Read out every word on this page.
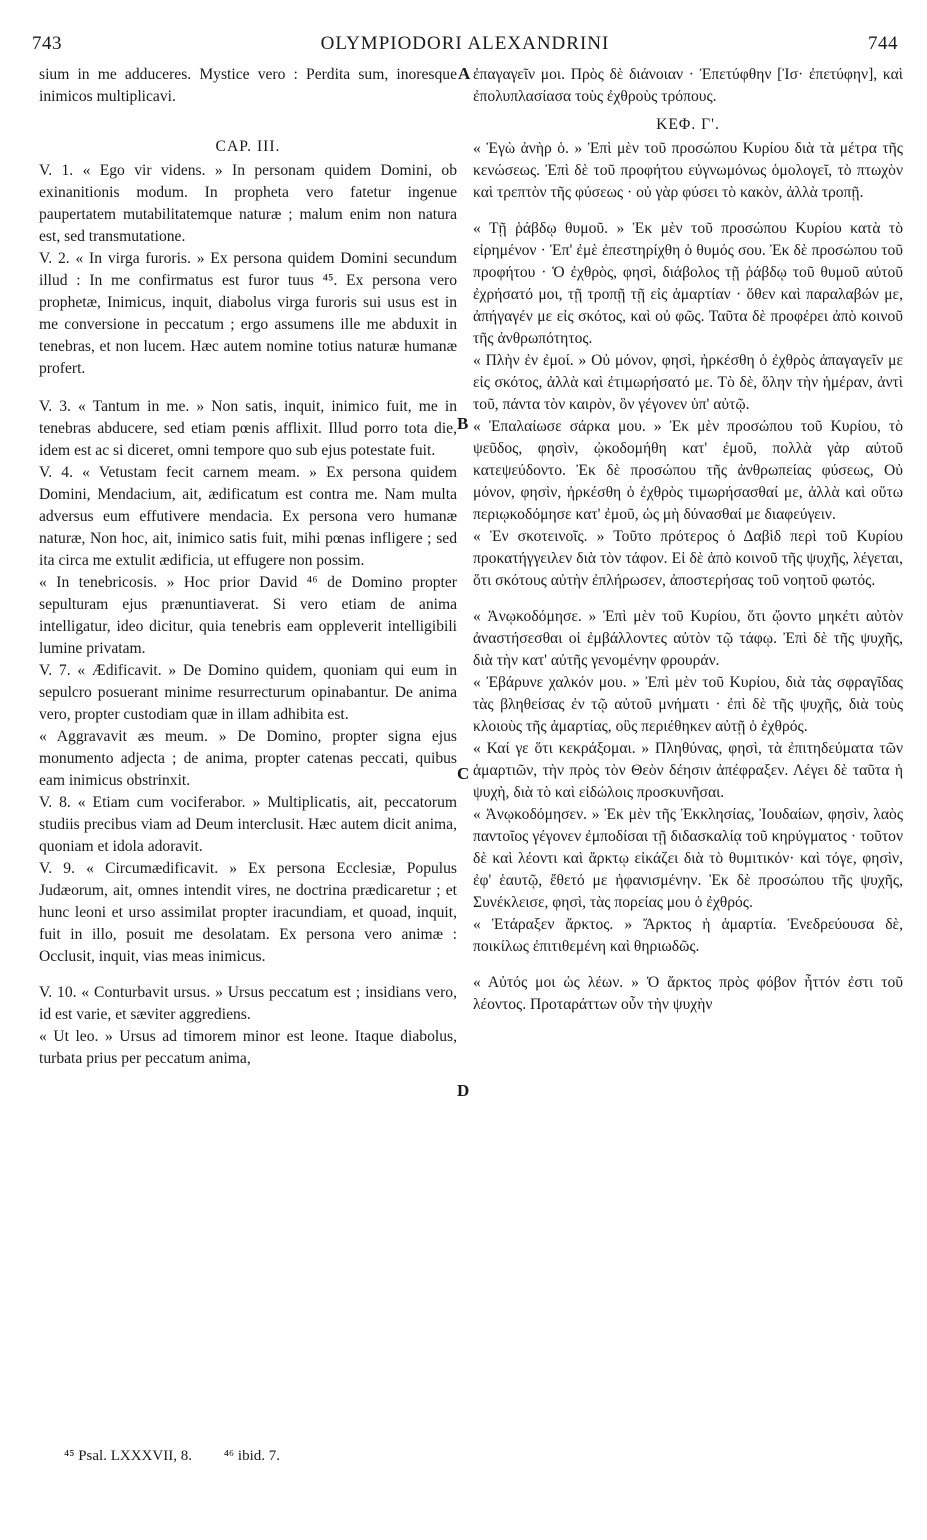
743	OLYMPIODORI ALEXANDRINI	744
A
B
C
D

sium in me adduceres. Mystice vero : Perdita sum, inoresque inimicos multiplicavi.

CAP. III.

V. 1. « Ego vir videns. » In personam quidem Domini, ob exinanitionis modum. In propheta vero fatetur ingenue paupertatem mutabilitatemque naturæ ; malum enim non natura est, sed transmutatione.

V. 2. « In virga furoris. » Ex persona quidem Domini secundum illud : In me confirmatus est furor tuus ⁴⁵. Ex persona vero prophetæ, Inimicus, inquit, diabolus virga furoris sui usus est in me conversione in peccatum ; ergo assumens ille me abduxit in tenebras, et non lucem. Hæc autem nomine totius naturæ humanæ profert.

V. 3. « Tantum in me. » Non satis, inquit, inimico fuit, me in tenebras abducere, sed etiam pœnis afflixit. Illud porro tota die, idem est ac si diceret, omni tempore quo sub ejus potestate fuit.

V. 4. « Vetustam fecit carnem meam. » Ex persona quidem Domini, Mendacium, ait, ædificatum est contra me. Nam multa adversus eum effutivere mendacia. Ex persona vero humanæ naturæ, Non hoc, ait, inimico satis fuit, mihi pœnas infligere ; sed ita circa me extulit ædificia, ut effugere non possim.

« In tenebricosis. » Hoc prior David ⁴⁶ de Domino propter sepulturam ejus prænuntiaverat. Si vero etiam de anima intelligatur, ideo dicitur, quia tenebris eam oppleverit intelligibili lumine privatam.

V. 7. « Ædificavit. » De Domino quidem, quoniam qui eum in sepulcro posuerant minime resurrecturum opinabantur. De anima vero, propter custodiam quæ in illam adhibita est.

« Aggravavit æs meum. » De Domino, propter signa ejus monumento adjecta ; de anima, propter catenas peccati, quibus eam inimicus obstrinxit.

V. 8. « Etiam cum vociferabor. » Multiplicatis, ait, peccatorum studiis precibus viam ad Deum interclusit. Hæc autem dicit anima, quoniam et idola adoravit.

V. 9. « Circumædificavit. » Ex persona Ecclesiæ, Populus Judæorum, ait, omnes intendit vires, ne doctrina prædicaretur ; et hunc leoni et urso assimilat propter iracundiam, et quoad, inquit, fuit in illo, posuit me desolatam. Ex persona vero animæ : Occlusit, inquit, vias meas inimicus.

V. 10. « Conturbavit ursus. » Ursus peccatum est ; insidians vero, id est varie, et sæviter aggrediens.

« Ut leo. » Ursus ad timorem minor est leone. Itaque diabolus, turbata prius per peccatum anima,

ἐπαγαγεῖν μοι. Πρὸς δὲ διάνοιαν · Ἐπετύφθην [Ἰσ· ἐπετύφην], καὶ ἐπολυπλασίασα τοὺς ἐχθροὺς τρόπους.

ΚΕΦ. Γ'.

« Ἐγὼ ἀνὴρ ὁ. » Ἐπὶ μὲν τοῦ προσώπου Κυρίου διὰ τὰ μέτρα τῆς κενώσεως. Ἐπὶ δὲ τοῦ προφήτου εὐγνωμόνως ὁμολογεῖ, τὸ πτωχὸν καὶ τρεπτὸν τῆς φύσεως · οὐ γὰρ φύσει τὸ κακὸν, ἀλλὰ τροπῇ.

« Τῇ ῥάβδῳ θυμοῦ. » Ἐκ μὲν τοῦ προσώπου Κυρίου κατὰ τὸ εἰρημένον · Ἐπ' ἐμὲ ἐπεστηρίχθη ὁ θυμός σου. Ἐκ δὲ προσώπου τοῦ προφήτου · Ὁ ἐχθρὸς, φησὶ, διάβολος τῇ ῥάβδῳ τοῦ θυμοῦ αὐτοῦ ἐχρήσατό μοι, τῇ τροπῇ τῇ εἰς ἁμαρτίαν · ὅθεν καὶ παραλαβών με, ἀπήγαγέν με εἰς σκότος, καὶ οὐ φῶς. Ταῦτα δὲ προφέρει ἀπὸ κοινοῦ τῆς ἀνθρωπότητος.

« Πλὴν ἐν ἐμοί. » Οὐ μόνον, φησὶ, ἠρκέσθη ὁ ἐχθρὸς ἀπαγαγεῖν με εἰς σκότος, ἀλλὰ καὶ ἐτιμωρήσατό με. Τὸ δὲ, ὅλην τὴν ἡμέραν, ἀντὶ τοῦ, πάντα τὸν καιρὸν, ὃν γέγονεν ὑπ' αὐτῷ.

« Ἐπαλαίωσε σάρκα μου. » Ἐκ μὲν προσώπου τοῦ Κυρίου, τὸ ψεῦδος, φησὶν, ᾠκοδομήθη κατ' ἐμοῦ, πολλὰ γὰρ αὐτοῦ κατεψεύδοντο. Ἐκ δὲ προσώπου τῆς ἀνθρωπείας φύσεως, Οὐ μόνον, φησὶν, ἠρκέσθη ὁ ἐχθρὸς τιμωρήσασθαί με, ἀλλὰ καὶ οὕτω περιῳκοδόμησε κατ' ἐμοῦ, ὡς μὴ δύνασθαί με διαφεύγειν.

« Ἐν σκοτεινοῖς. » Τοῦτο πρότερος ὁ Δαβὶδ περὶ τοῦ Κυρίου προκατήγγειλεν διὰ τὸν τάφον. Εἰ δὲ ἀπὸ κοινοῦ τῆς ψυχῆς, λέγεται, ὅτι σκότους αὐτὴν ἐπλήρωσεν, ἀποστερήσας τοῦ νοητοῦ φωτός.

« Ἀνῳκοδόμησε. » Ἐπὶ μὲν τοῦ Κυρίου, ὅτι ᾤοντο μηκέτι αὐτὸν ἀναστήσεσθαι οἱ ἐμβάλλοντες αὐτὸν τῷ τάφῳ. Ἐπὶ δὲ τῆς ψυχῆς, διὰ τὴν κατ' αὐτῆς γενομένην φρουράν.

« Ἐβάρυνε χαλκόν μου. » Ἐπὶ μὲν τοῦ Κυρίου, διὰ τὰς σφραγῖδας τὰς βληθείσας ἐν τῷ αὐτοῦ μνήματι · ἐπὶ δὲ τῆς ψυχῆς, διὰ τοὺς κλοιοὺς τῆς ἁμαρτίας, οὓς περιέθηκεν αὐτῇ ὁ ἐχθρός.

« Καί γε ὅτι κεκράξομαι. » Πληθύνας, φησὶ, τὰ ἐπιτηδεύματα τῶν ἁμαρτιῶν, τὴν πρὸς τὸν Θεὸν δέησιν ἀπέφραξεν. Λέγει δὲ ταῦτα ἡ ψυχὴ, διὰ τὸ καὶ εἰδώλοις προσκυνῆσαι.

« Ἀνῳκοδόμησεν. » Ἐκ μὲν τῆς Ἐκκλησίας, Ἰουδαίων, φησὶν, λαὸς παντοῖος γέγονεν ἐμποδίσαι τῇ διδασκαλίᾳ τοῦ κηρύγματος · τοῦτον δὲ καὶ λέοντι καὶ ἄρκτῳ εἰκάζει διὰ τὸ θυμιτικόν· καὶ τόγε, φησὶν, ἐφ' ἑαυτῷ, ἔθετό με ἠφανισμένην. Ἐκ δὲ προσώπου τῆς ψυχῆς, Συνέκλεισε, φησὶ, τὰς πορείας μου ὁ ἐχθρός.

« Ἐτάραξεν ἄρκτος. » Ἄρκτος ἡ ἁμαρτία. Ἐνεδρεύουσα δὲ, ποικίλως ἐπιτιθεμένη καὶ θηριωδῶς.

« Αὐτός μοι ὡς λέων. » Ὁ ἄρκτος πρὸς φόβον ἧττόν ἐστι τοῦ λέοντος. Προταράττων οὖν τὴν ψυχὴν

⁴⁵ Psal. LXXXVII, 8. ⁴⁶ ibid. 7.
